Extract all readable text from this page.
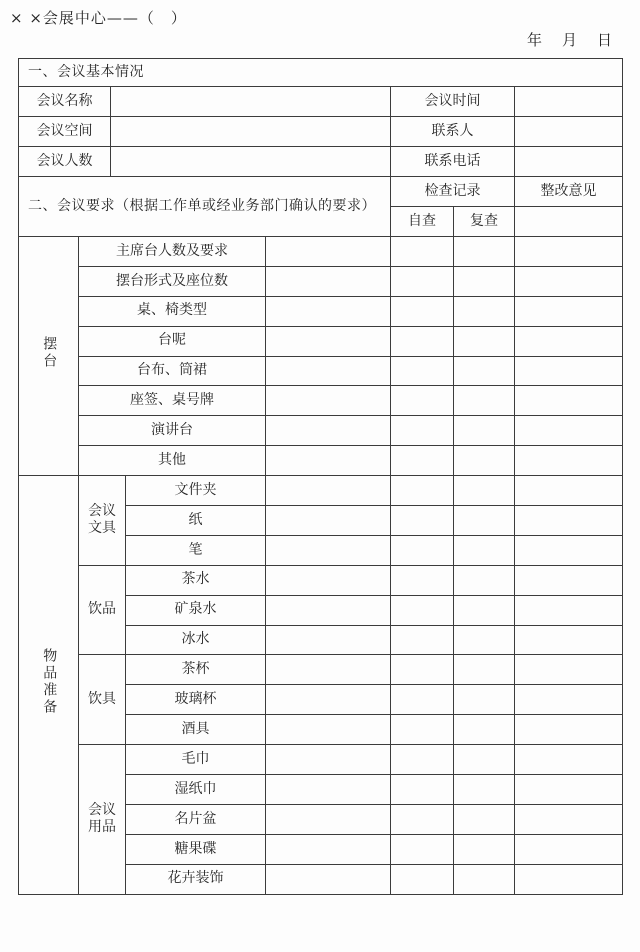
× ×会展中心——（　）
年 月 日
一、会议基本情况			
会议名称		会议时间	
会议空间		联系人	
会议人数		联系电话	
二、会议要求（根据工作单或经业务部门确认的要求）	检查记录		整改意见
	自查	复查	
摆台	主席台人数及要求					
	摆台形式及座位数					
	桌、椅类型					
	台呢					
	台布、筒裙					
	座签、桌号牌					
	演讲台					
	其他					
物品准备	会议文具	文件夹				
		纸				
		笔				
	饮品	茶水				
		矿泉水				
		冰水				
	饮具	茶杯				
		玻璃杯				
		酒具				
	会议用品	毛巾				
		湿纸巾				
		名片盆				
		糖果碟				
		花卉装饰				
